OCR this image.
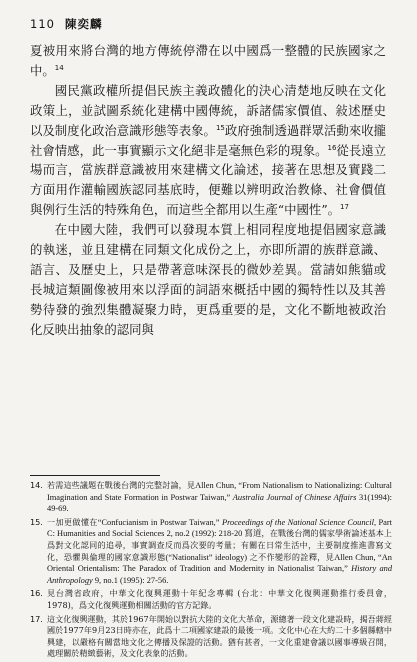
110 陳奕麟

夏被用來將台灣的地方傳統停滯在以中國爲一整體的民族國家之中。$^{14}$

國民黨政權所提倡民族主義政體化的決心清楚地反映在文化政策上，並試圖系統化建構中國傳統，訴諸儒家價值、敍述歷史以及制度化政治意識形態等表象。$^{15}$政府強制透過群眾活動來收攏社會情感，此一事實顯示文化絕非是毫無色彩的現象。$^{16}$從長遠立場而言，當族群意識被用來建構文化論述，接著在思想及實踐二方面用作灌輸國族認同基底時，便難以辨明政治教條、社會價值與例行生活的特殊角色，而這些全都用以生產“中國性”。$^{17}$

在中國大陸，我們可以發現本質上相同程度地提倡國家意識的執迷，並且建構在同類文化成份之上，亦即所謂的族群意識、語言、及歷史上，只是帶著意味深長的微妙差異。當請如熊貓或長城這類圖像被用來以浮面的詞語來概括中國的獨特性以及其善勢待發的強烈集體凝聚力時，更爲重要的是，文化不斷地被政治化反映出抽象的認同與

14. 若需這些議題在戰後台灣的完整討論，見Allen Chun, “From Nationalism to Nationalizing: Cultural Imagination and State Formation in Postwar Taiwan,” Australia Journal of Chinese Affairs 31(1994): 49-69.
15. 一加更做懂在“Confucianism in Postwar Taiwan,” Proceedings of the National Science Council, Part C: Humanities and Social Sciences 2, no.2 (1992): 218-20 寫道，在戰後台灣的儒家學術論述基本上爲對文化認同的追尋，事實調查反而爲次要的考量；有關在日常生活中，主要制度推進書寫文化，恐懼與倫理的國家意識形態(“Nationalist” ideology) 之不作變形的詮釋，見Allen Chun, “An Oriental Orientalism: The Paradox of Tradition and Modernity in Nationalist Taiwan,” History and Anthropology 9, no.1 (1995): 27-56.
16. 見台灣省政府，中華文化復興運動十年紀念專輯 (台北：中華文化復興運動推行委員會，1978)，爲文化復興運動相關活動的官方記錄。
17. 這文化復興運動，其於1967年開始以對抗大陸的文化大革命，源總著一段文化建設時，揭吾蔣經國於1977年9月23日時亦在，此爲十二項國家建設的最後一項。文化中心在大約二十多個縣轄中興建，以嚴格有關當地文化之傳播及保證的活動。猶有甚者，一文化重建會議以國事導級召開，處理關於精緻藝術，及文化表象的活動。
